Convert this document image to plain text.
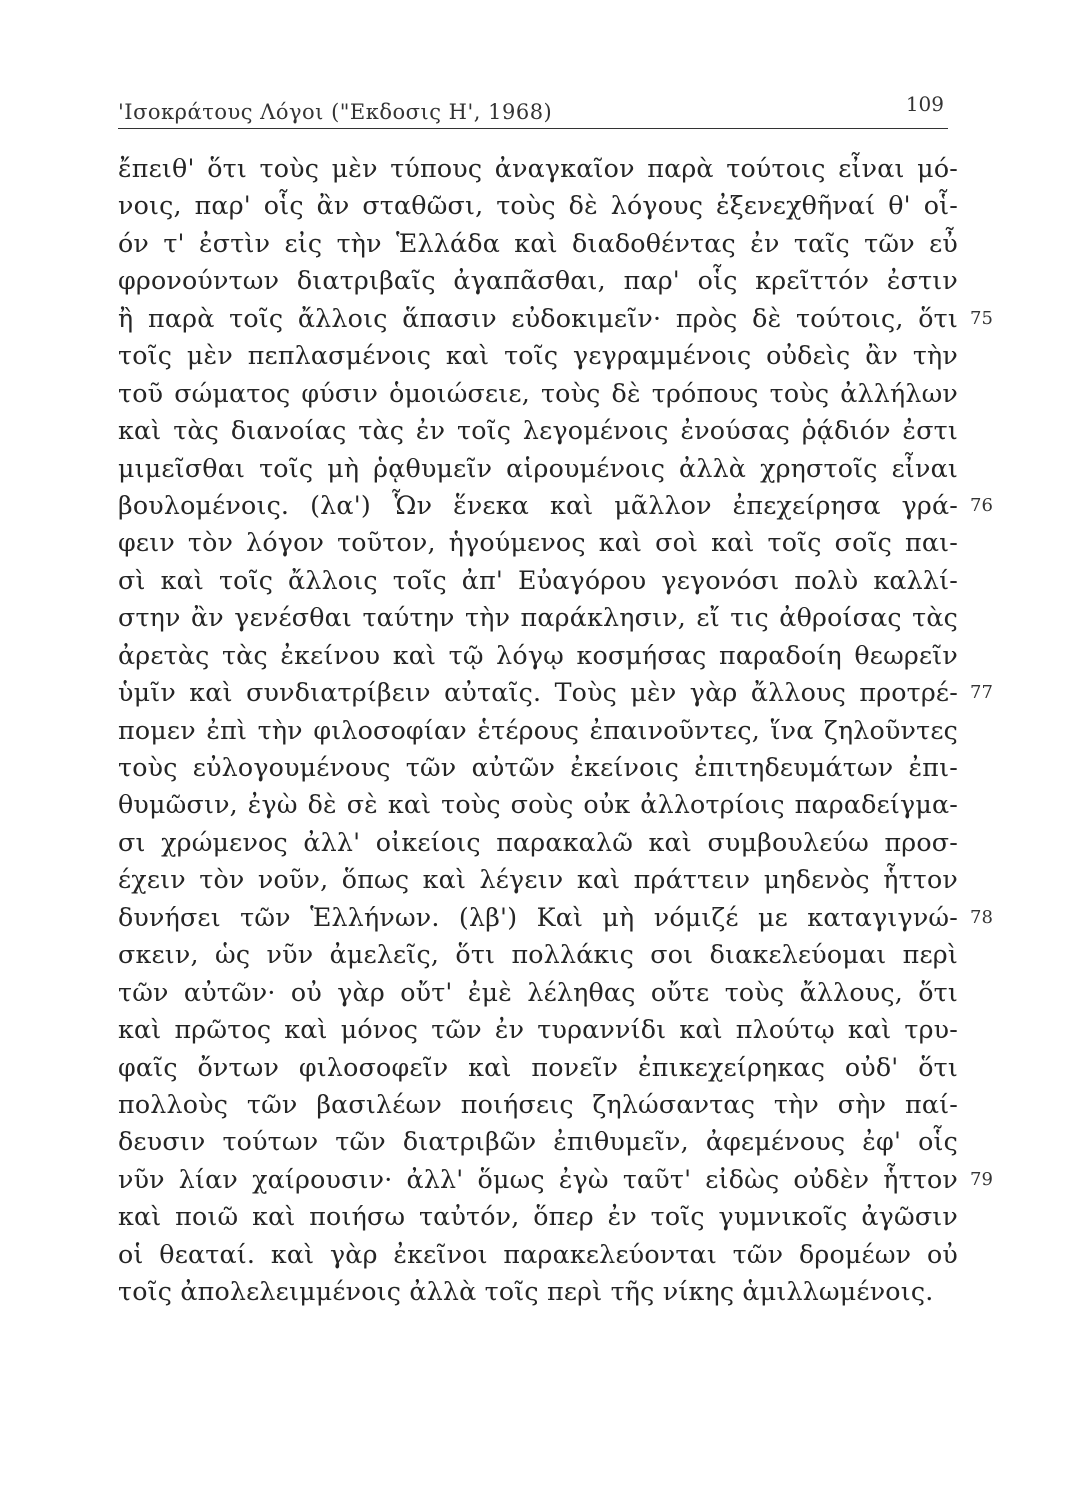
'Ισοκράτους Λόγοι ("Εκδοσις Η', 1968)	109
ἔπειθ' ὅτι τοὺς μὲν τύπους ἀναγκαῖον παρὰ τούτοις εἶναι μό-
νοις, παρ' οἷς ἂν σταθῶσι, τοὺς δὲ λόγους ἐξενεχθῆναί θ' οἷ-
όν τ' ἐστὶν εἰς τὴν Ἑλλάδα καὶ διαδοθέντας ἐν ταῖς τῶν εὖ
φρονούντων διατριβαῖς ἀγαπᾶσθαι, παρ' οἷς κρεῖττόν ἐστιν
ἢ παρὰ τοῖς ἄλλοις ἅπασιν εὐδοκιμεῖν· πρὸς δὲ τούτοις, ὅτι 75
τοῖς μὲν πεπλασμένοις καὶ τοῖς γεγραμμένοις οὐδεὶς ἂν τὴν
τοῦ σώματος φύσιν ὁμοιώσειε, τοὺς δὲ τρόπους τοὺς ἀλλήλων
καὶ τὰς διανοίας τὰς ἐν τοῖς λεγομένοις ἐνούσας ῥᾴδιόν ἐστι
μιμεῖσθαι τοῖς μὴ ῥᾳθυμεῖν αἱρουμένοις ἀλλὰ χρηστοῖς εἶναι
βουλομένοις. (λα') Ὧν ἕνεκα καὶ μᾶλλον ἐπεχείρησα γρά- 76
φειν τὸν λόγον τοῦτον, ἡγούμενος καὶ σοὶ καὶ τοῖς σοῖς παι-
σὶ καὶ τοῖς ἄλλοις τοῖς ἀπ' Εὐαγόρου γεγονόσι πολὺ καλλί-
στην ἂν γενέσθαι ταύτην τὴν παράκλησιν, εἴ τις ἀθροίσας τὰς
ἀρετὰς τὰς ἐκείνου καὶ τῷ λόγῳ κοσμήσας παραδοίη θεωρεῖν
ὑμῖν καὶ συνδιατρίβειν αὐταῖς. Τοὺς μὲν γὰρ ἄλλους προτρέ- 77
πομεν ἐπὶ τὴν φιλοσοφίαν ἑτέρους ἐπαινοῦντες, ἵνα ζηλοῦντες
τοὺς εὐλογουμένους τῶν αὐτῶν ἐκείνοις ἐπιτηδευμάτων ἐπι-
θυμῶσιν, ἐγὼ δὲ σὲ καὶ τοὺς σοὺς οὐκ ἀλλοτρίοις παραδείγμα-
σι χρώμενος ἀλλ' οἰκείοις παρακαλῶ καὶ συμβουλεύω προσ-
έχειν τὸν νοῦν, ὅπως καὶ λέγειν καὶ πράττειν μηδενὸς ἧττον
δυνήσει τῶν Ἑλλήνων. (λβ') Καὶ μὴ νόμιζέ με καταγιγνώ- 78
σκειν, ὡς νῦν ἀμελεῖς, ὅτι πολλάκις σοι διακελεύομαι περὶ
τῶν αὐτῶν· οὐ γὰρ οὔτ' ἐμὲ λέληθας οὔτε τοὺς ἄλλους, ὅτι
καὶ πρῶτος καὶ μόνος τῶν ἐν τυραννίδι καὶ πλούτῳ καὶ τρυ-
φαῖς ὄντων φιλοσοφεῖν καὶ πονεῖν ἐπικεχείρηκας οὐδ' ὅτι
πολλοὺς τῶν βασιλέων ποιήσεις ζηλώσαντας τὴν σὴν παί-
δευσιν τούτων τῶν διατριβῶν ἐπιθυμεῖν, ἀφεμένους ἐφ' οἷς
νῦν λίαν χαίρουσιν· ἀλλ' ὅμως ἐγὼ ταῦτ' εἰδὼς οὐδὲν ἧττον 79
καὶ ποιῶ καὶ ποιήσω ταὐτόν, ὅπερ ἐν τοῖς γυμνικοῖς ἀγῶσιν
οἱ θεαταί. καὶ γὰρ ἐκεῖνοι παρακελεύονται τῶν δρομέων οὐ
τοῖς ἀπολελειμμένοις ἀλλὰ τοῖς περὶ τῆς νίκης ἁμιλλωμένοις.
